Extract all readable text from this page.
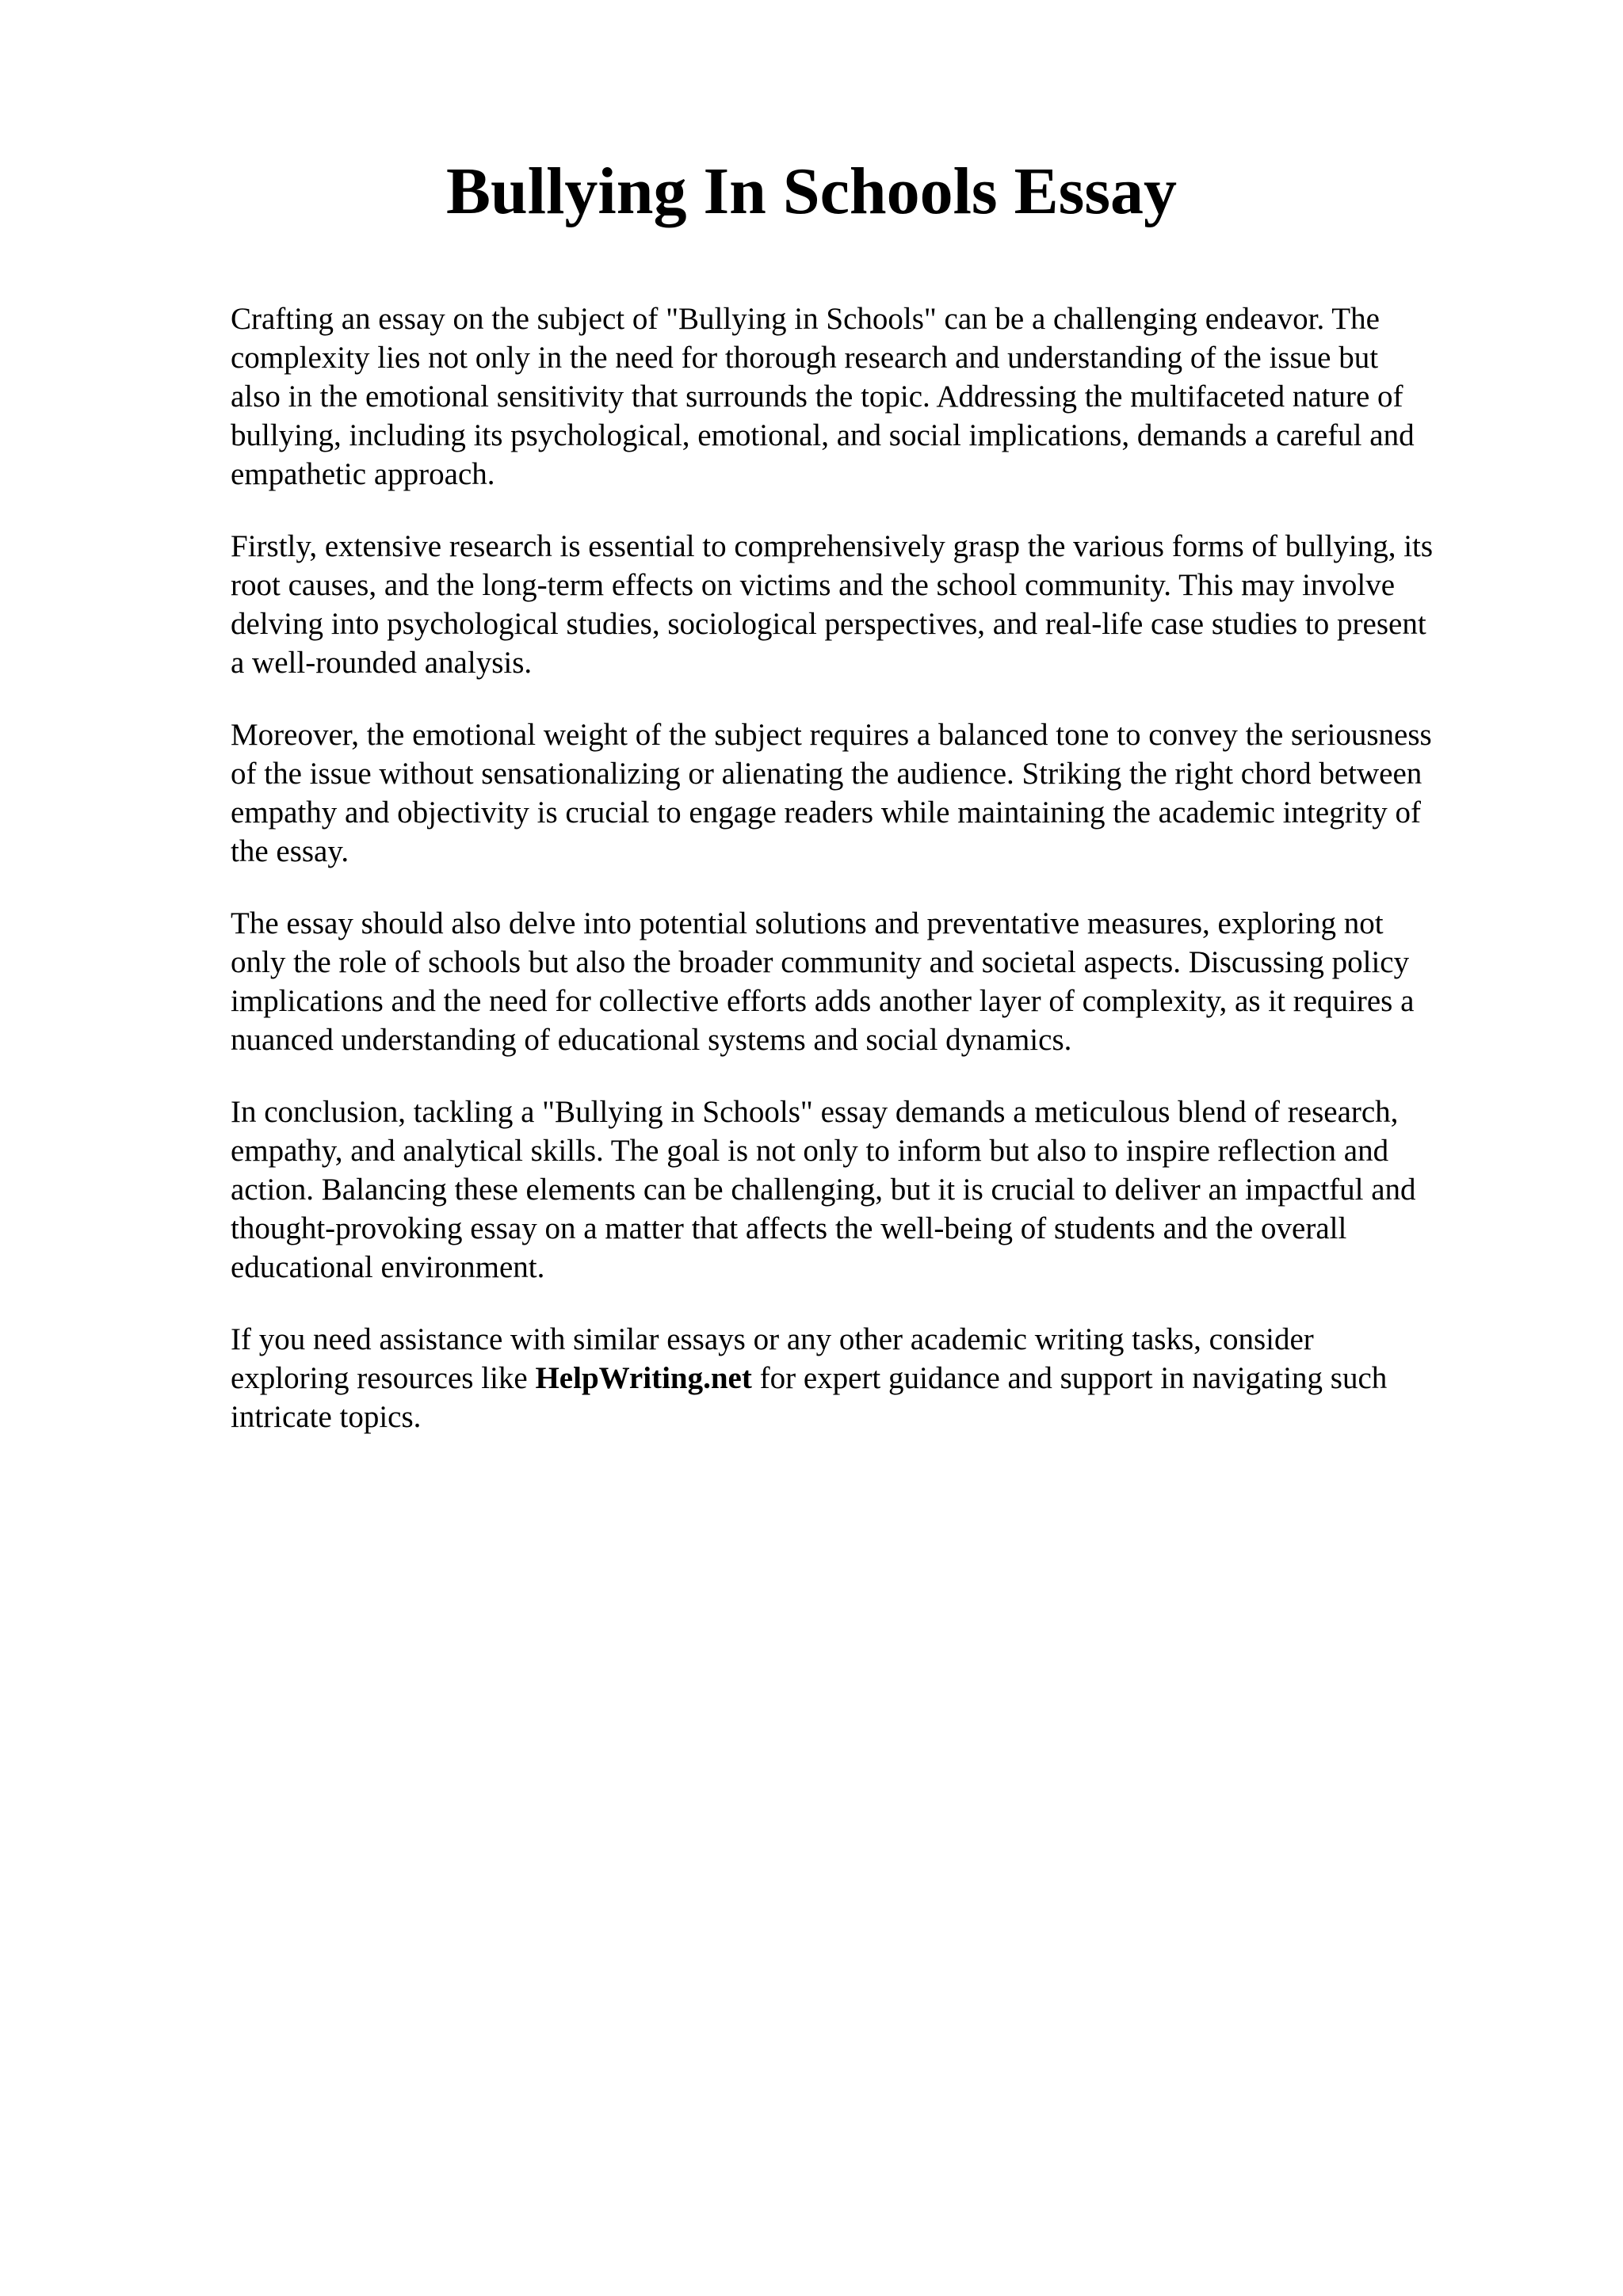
Bullying In Schools Essay

Crafting an essay on the subject of "Bullying in Schools" can be a challenging endeavor. The
complexity lies not only in the need for thorough research and understanding of the issue but
also in the emotional sensitivity that surrounds the topic. Addressing the multifaceted nature of
bullying, including its psychological, emotional, and social implications, demands a careful and
empathetic approach.

Firstly, extensive research is essential to comprehensively grasp the various forms of bullying, its
root causes, and the long-term effects on victims and the school community. This may involve
delving into psychological studies, sociological perspectives, and real-life case studies to present
a well-rounded analysis.

Moreover, the emotional weight of the subject requires a balanced tone to convey the seriousness
of the issue without sensationalizing or alienating the audience. Striking the right chord between
empathy and objectivity is crucial to engage readers while maintaining the academic integrity of
the essay.

The essay should also delve into potential solutions and preventative measures, exploring not
only the role of schools but also the broader community and societal aspects. Discussing policy
implications and the need for collective efforts adds another layer of complexity, as it requires a
nuanced understanding of educational systems and social dynamics.

In conclusion, tackling a "Bullying in Schools" essay demands a meticulous blend of research,
empathy, and analytical skills. The goal is not only to inform but also to inspire reflection and
action. Balancing these elements can be challenging, but it is crucial to deliver an impactful and
thought-provoking essay on a matter that affects the well-being of students and the overall
educational environment.

If you need assistance with similar essays or any other academic writing tasks, consider
exploring resources like HelpWriting.net for expert guidance and support in navigating such
intricate topics.
